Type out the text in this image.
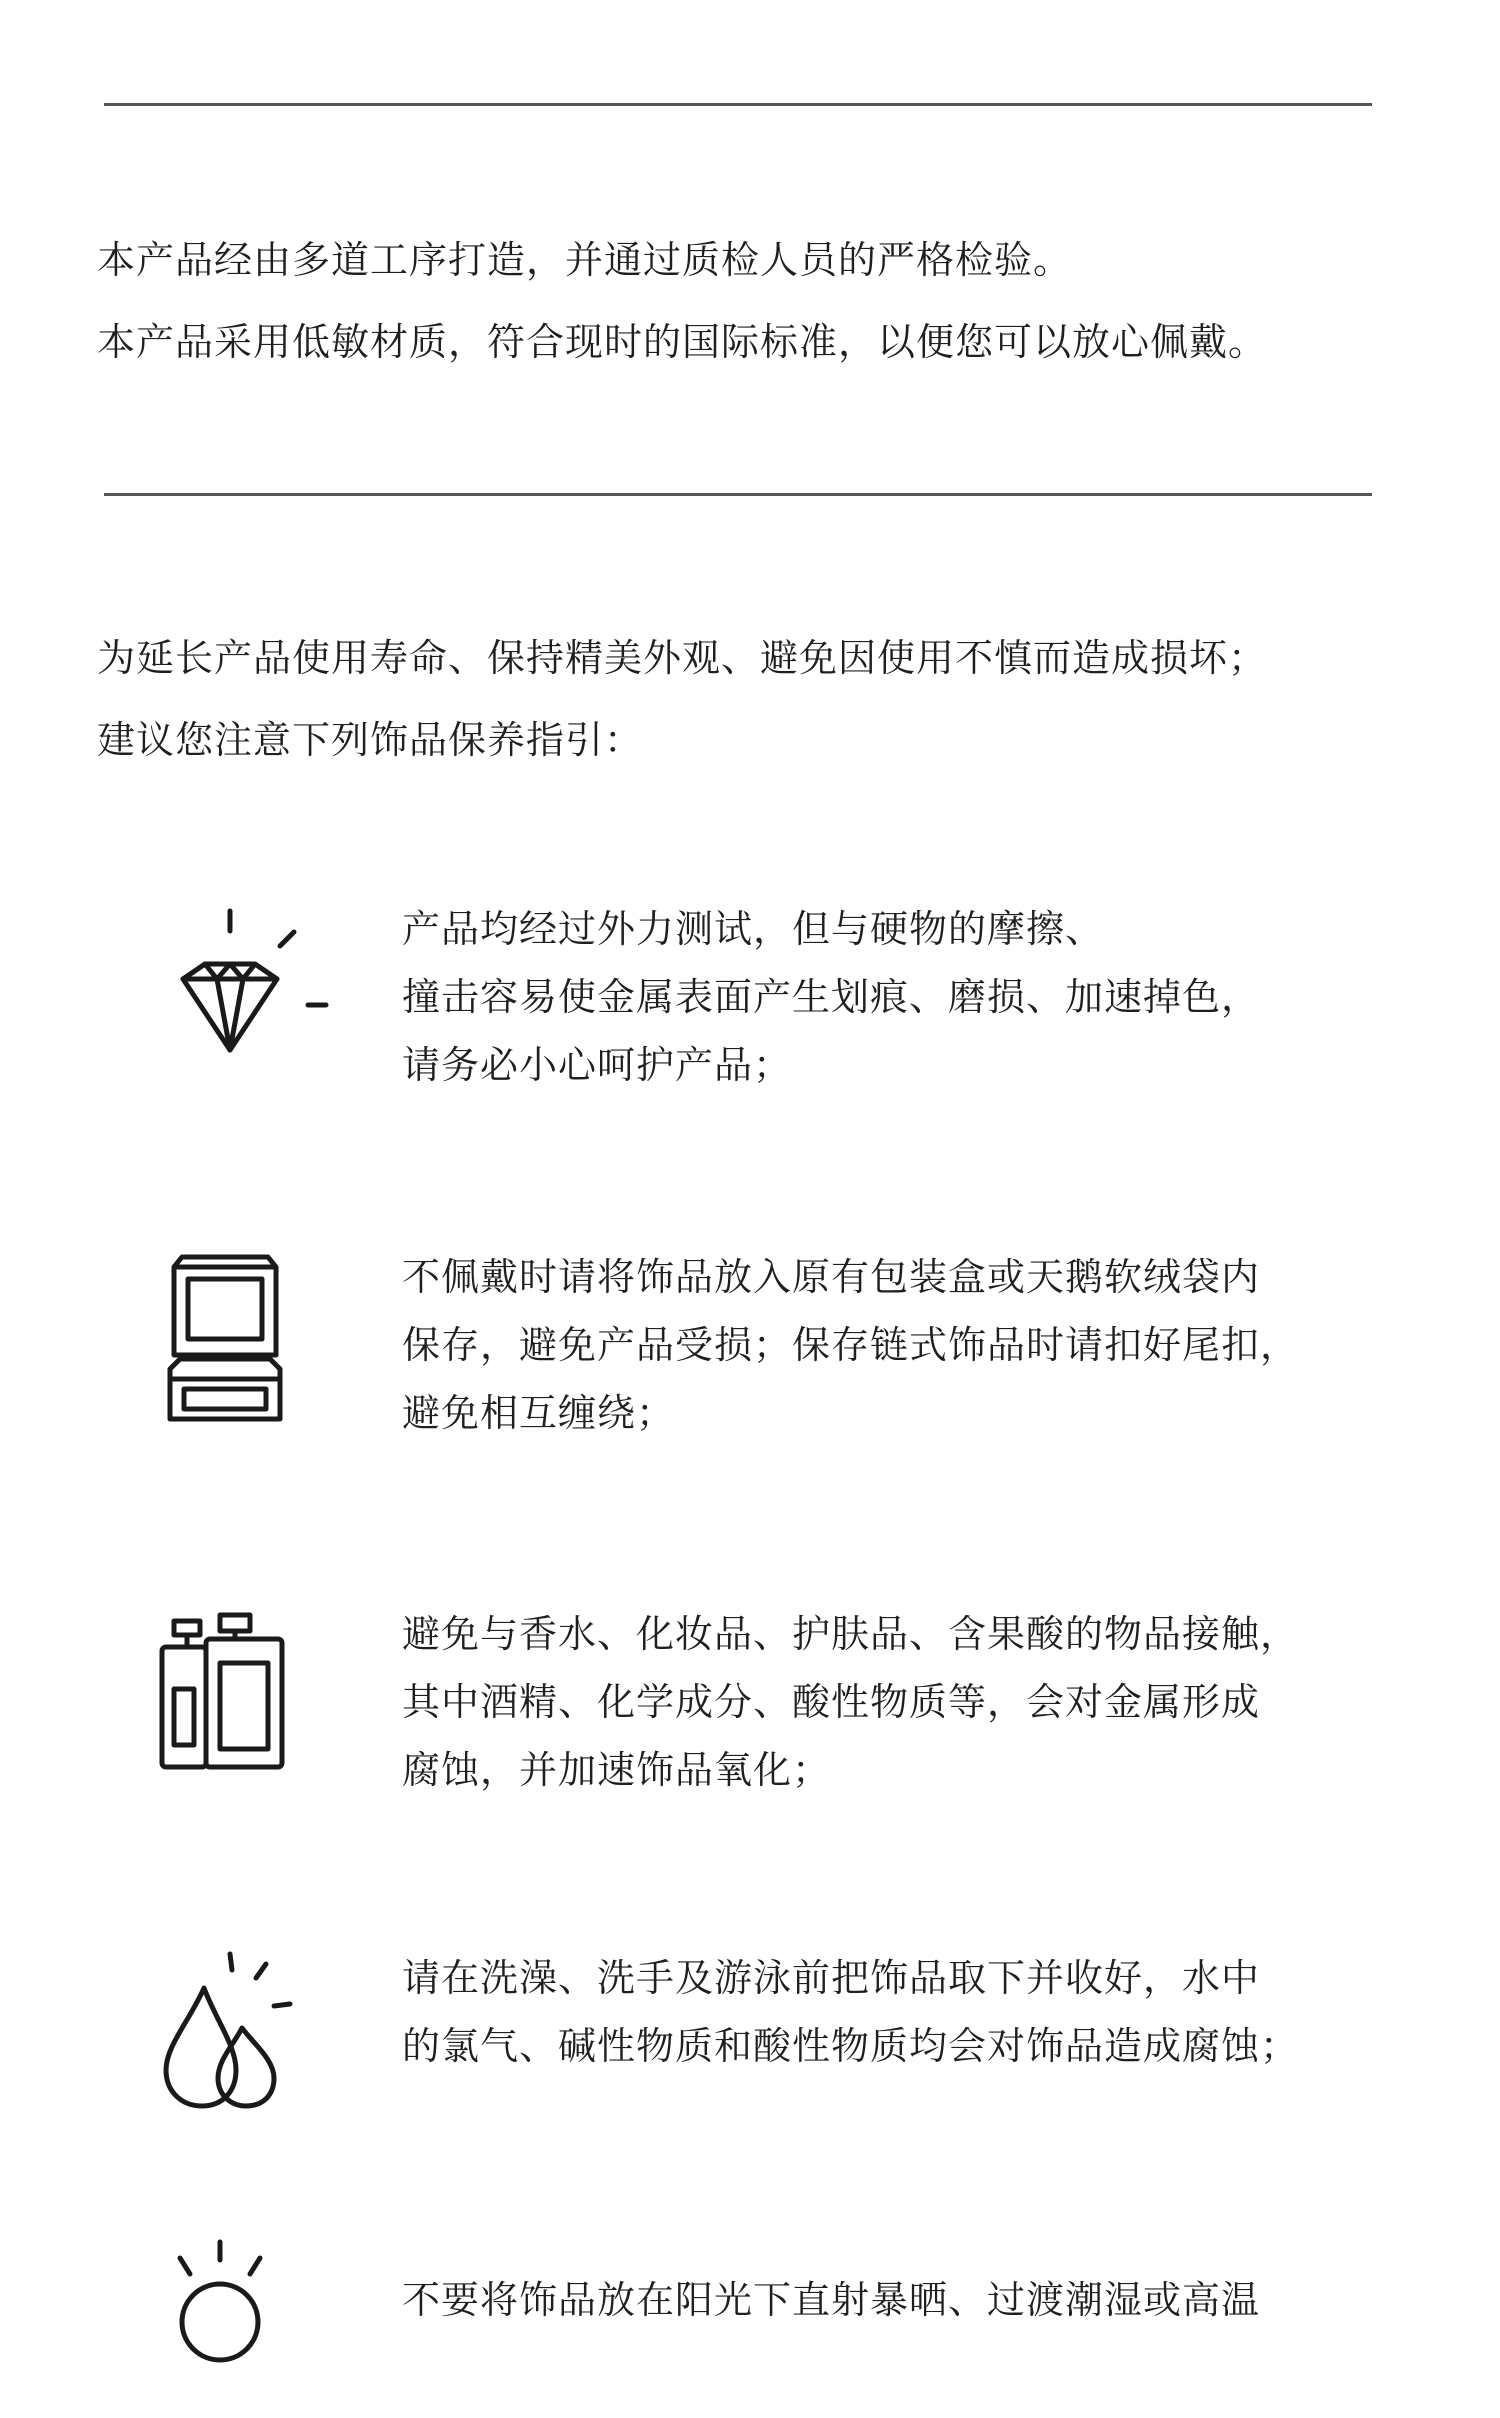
本产品经由多道工序打造，并通过质检人员的严格检验。
本产品采用低敏材质，符合现时的国际标准，以便您可以放心佩戴。
为延长产品使用寿命、保持精美外观、避免因使用不慎而造成损坏；
建议您注意下列饰品保养指引：
产品均经过外力测试，但与硬物的摩擦、
撞击容易使金属表面产生划痕、磨损、加速掉色，
请务必小心呵护产品；
不佩戴时请将饰品放入原有包装盒或天鹅软绒袋内
保存，避免产品受损；保存链式饰品时请扣好尾扣，
避免相互缠绕；
避免与香水、化妆品、护肤品、含果酸的物品接触，
其中酒精、化学成分、酸性物质等，会对金属形成
腐蚀，并加速饰品氧化；
请在洗澡、洗手及游泳前把饰品取下并收好，水中
的氯气、碱性物质和酸性物质均会对饰品造成腐蚀；
不要将饰品放在阳光下直射暴晒、过渡潮湿或高温
